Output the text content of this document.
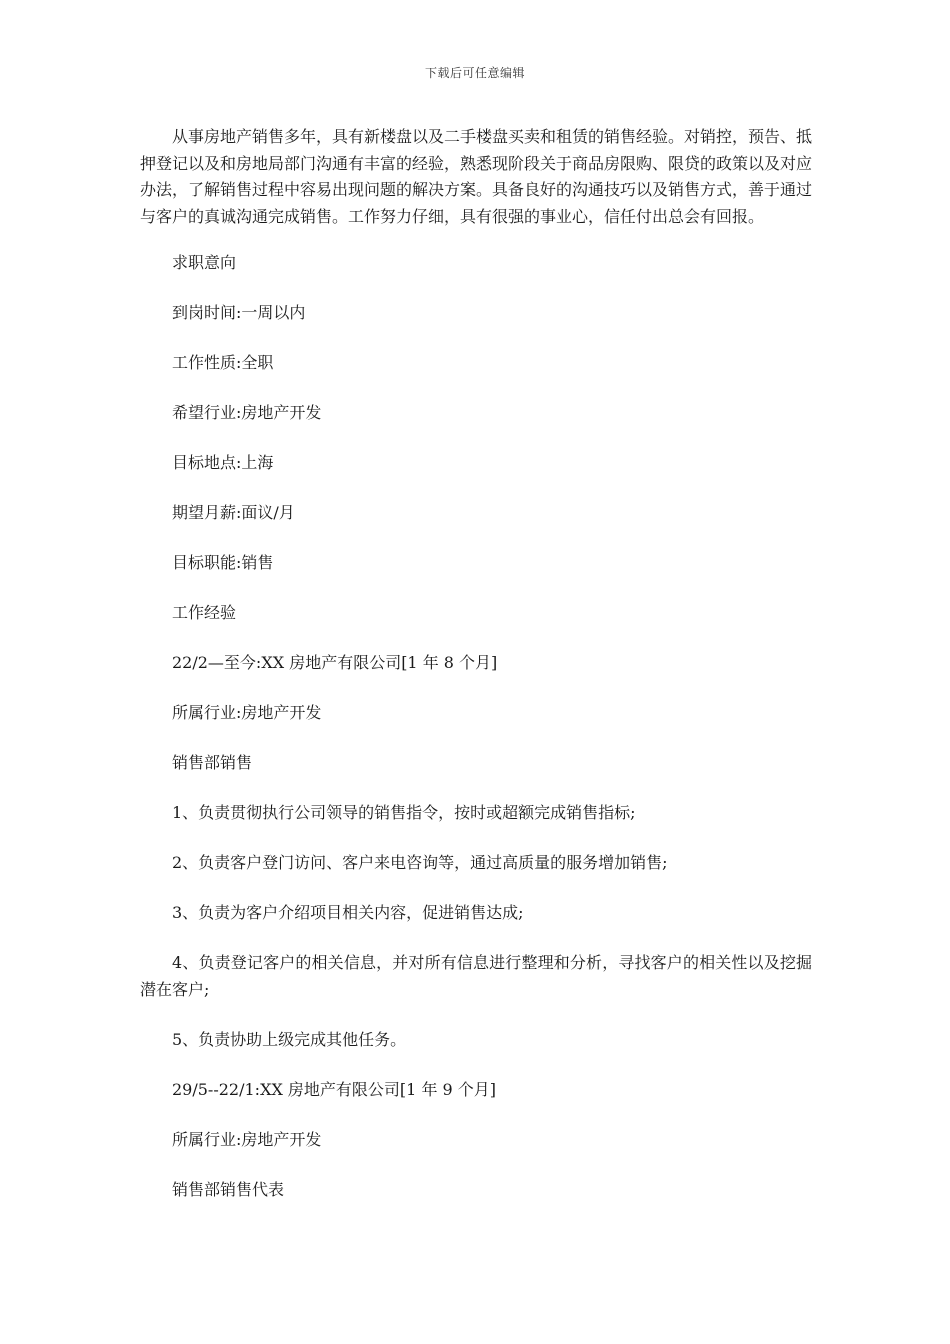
下载后可任意编辑

从事房地产销售多年，具有新楼盘以及二手楼盘买卖和租赁的销售经验。对销控，预告、抵押登记以及和房地局部门沟通有丰富的经验，熟悉现阶段关于商品房限购、限贷的政策以及对应办法，了解销售过程中容易出现问题的解决方案。具备良好的沟通技巧以及销售方式，善于通过与客户的真诚沟通完成销售。工作努力仔细，具有很强的事业心，信任付出总会有回报。

求职意向

到岗时间:一周以内

工作性质:全职

希望行业:房地产开发

目标地点:上海

期望月薪:面议/月

目标职能:销售

工作经验

22/2—至今:XX 房地产有限公司[1 年 8 个月]

所属行业:房地产开发

销售部销售

1、负责贯彻执行公司领导的销售指令，按时或超额完成销售指标;

2、负责客户登门访问、客户来电咨询等，通过高质量的服务增加销售;

3、负责为客户介绍项目相关内容，促进销售达成;

4、负责登记客户的相关信息，并对所有信息进行整理和分析，寻找客户的相关性以及挖掘潜在客户;

5、负责协助上级完成其他任务。

29/5--22/1:XX 房地产有限公司[1 年 9 个月]

所属行业:房地产开发

销售部销售代表
